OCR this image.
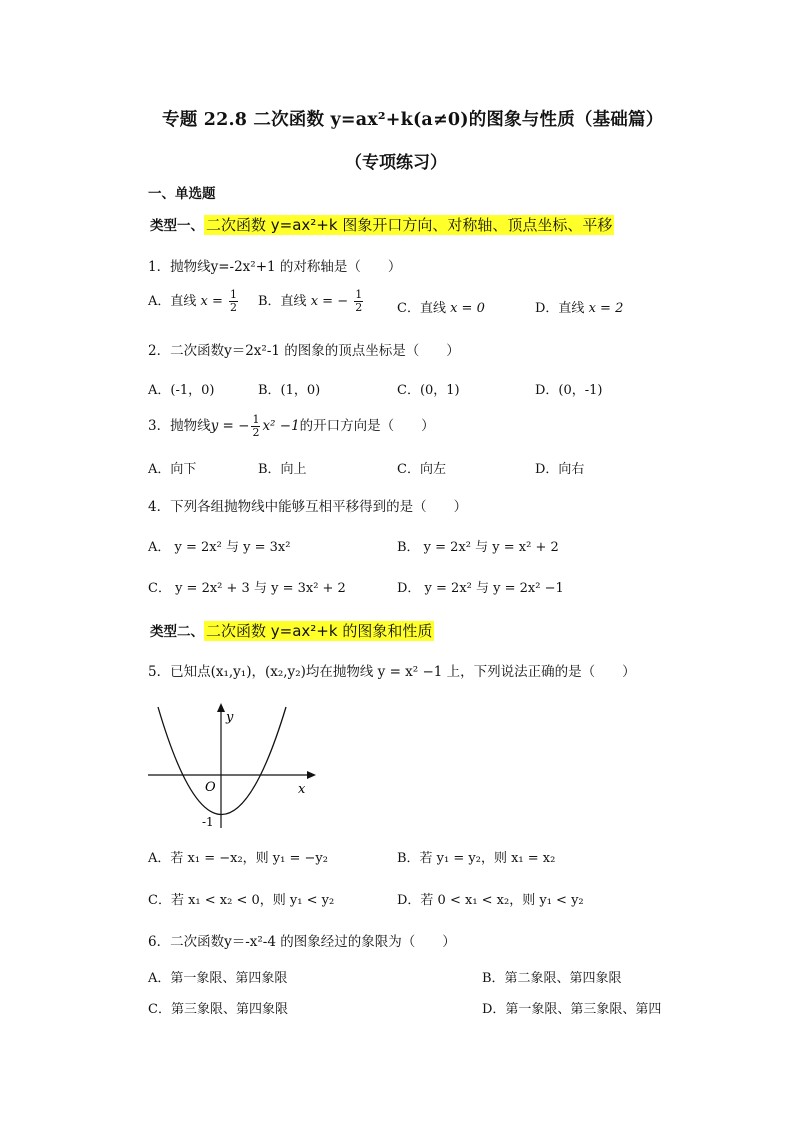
专题 22.8 二次函数 y=ax²+k(a≠0)的图象与性质（基础篇）
（专项练习）
一、单选题
类型一、 二次函数 y=ax²+k 图象开口方向、对称轴、顶点坐标、平移
1．抛物线y=-2x²+1 的对称轴是（　　）
A．直线 $x = \frac{1}{2}$ B．直线 x = − $\frac{1}{2}$	C．直线 x = 0	D．直线 x = 2
2．二次函数y＝2x²-1 的图象的顶点坐标是（　　）
A．(-1，0)	B．(1，0)	C．(0，1)	D．(0，-1)
3．抛物线y = − $\frac{1}{2} x^2 -1$的开口方向是（　　）
A．向下	B．向上	C．向左	D．向右
4．下列各组抛物线中能够互相平移得到的是（　　）
A． y = 2x² 与 y = 3x²	B． y = 2x² 与 y = x² + 2
C． y = 2x² + 3 与 y = 3x² + 2	D． y = 2x² 与 y = 2x² −1
类型二、 二次函数 y=ax²+k 的图象和性质
5．已知点(x₁,y₁)，(x₂,y₂)均在抛物线 y = x² −1 上，下列说法正确的是（　　）
y
x
O
-1
A．若 x₁ = −x₂，则 y₁ = −y₂	B．若 y₁ = y₂，则 x₁ = x₂
C．若 x₁ < x₂ < 0，则 y₁ < y₂	D．若 0 < x₁ < x₂，则 y₁ < y₂
6．二次函数y＝-x²-4 的图象经过的象限为（　　）
A．第一象限、第四象限	B．第二象限、第四象限
C．第三象限、第四象限	D．第一象限、第三象限、第四
